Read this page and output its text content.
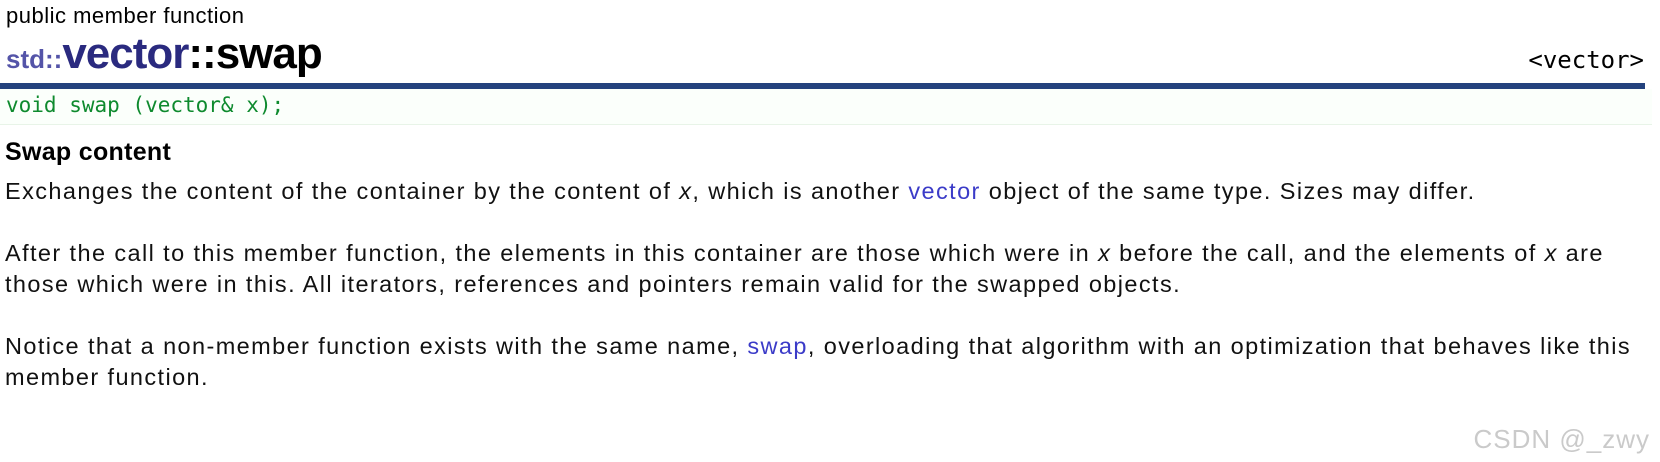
public member function
std:: vector ::swap	<vector>
void swap (vector& x);
Swap content

Exchanges the content of the container by the content of x, which is another vector object of the same type. Sizes may differ.

After the call to this member function, the elements in this container are those which were in x before the call, and the elements of x are those which were in this. All iterators, references and pointers remain valid for the swapped objects.

Notice that a non-member function exists with the same name, swap, overloading that algorithm with an optimization that behaves like this member function.

CSDN @_zwy
